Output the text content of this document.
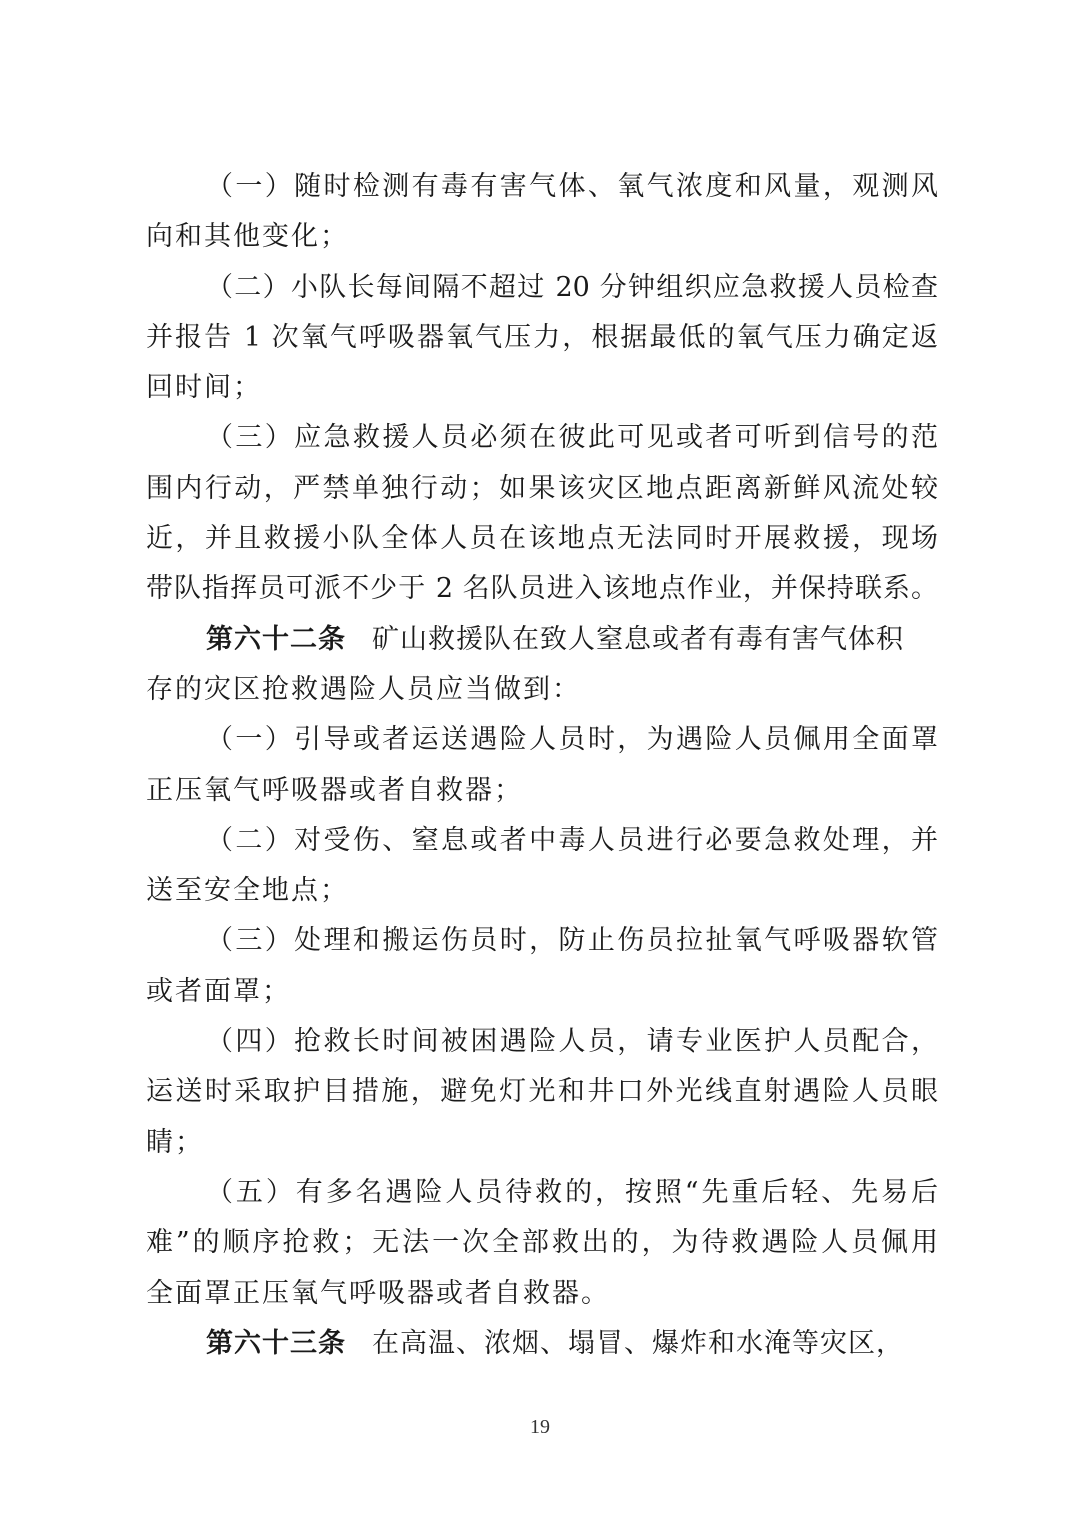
（一）随时检测有毒有害气体、氧气浓度和风量，观测风
向和其他变化；
（二）小队长每间隔不超过 20 分钟组织应急救援人员检查
并报告 1 次氧气呼吸器氧气压力，根据最低的氧气压力确定返
回时间；
（三）应急救援人员必须在彼此可见或者可听到信号的范
围内行动，严禁单独行动；如果该灾区地点距离新鲜风流处较
近，并且救援小队全体人员在该地点无法同时开展救援，现场
带队指挥员可派不少于 2 名队员进入该地点作业，并保持联系。
第六十二条 矿山救援队在致人窒息或者有毒有害气体积
存的灾区抢救遇险人员应当做到：
（一）引导或者运送遇险人员时，为遇险人员佩用全面罩
正压氧气呼吸器或者自救器；
（二）对受伤、窒息或者中毒人员进行必要急救处理，并
送至安全地点；
（三）处理和搬运伤员时，防止伤员拉扯氧气呼吸器软管
或者面罩；
（四）抢救长时间被困遇险人员，请专业医护人员配合，
运送时采取护目措施，避免灯光和井口外光线直射遇险人员眼
睛；
（五）有多名遇险人员待救的，按照“先重后轻、先易后
难”的顺序抢救；无法一次全部救出的，为待救遇险人员佩用
全面罩正压氧气呼吸器或者自救器。
第六十三条 在高温、浓烟、塌冒、爆炸和水淹等灾区，
19
